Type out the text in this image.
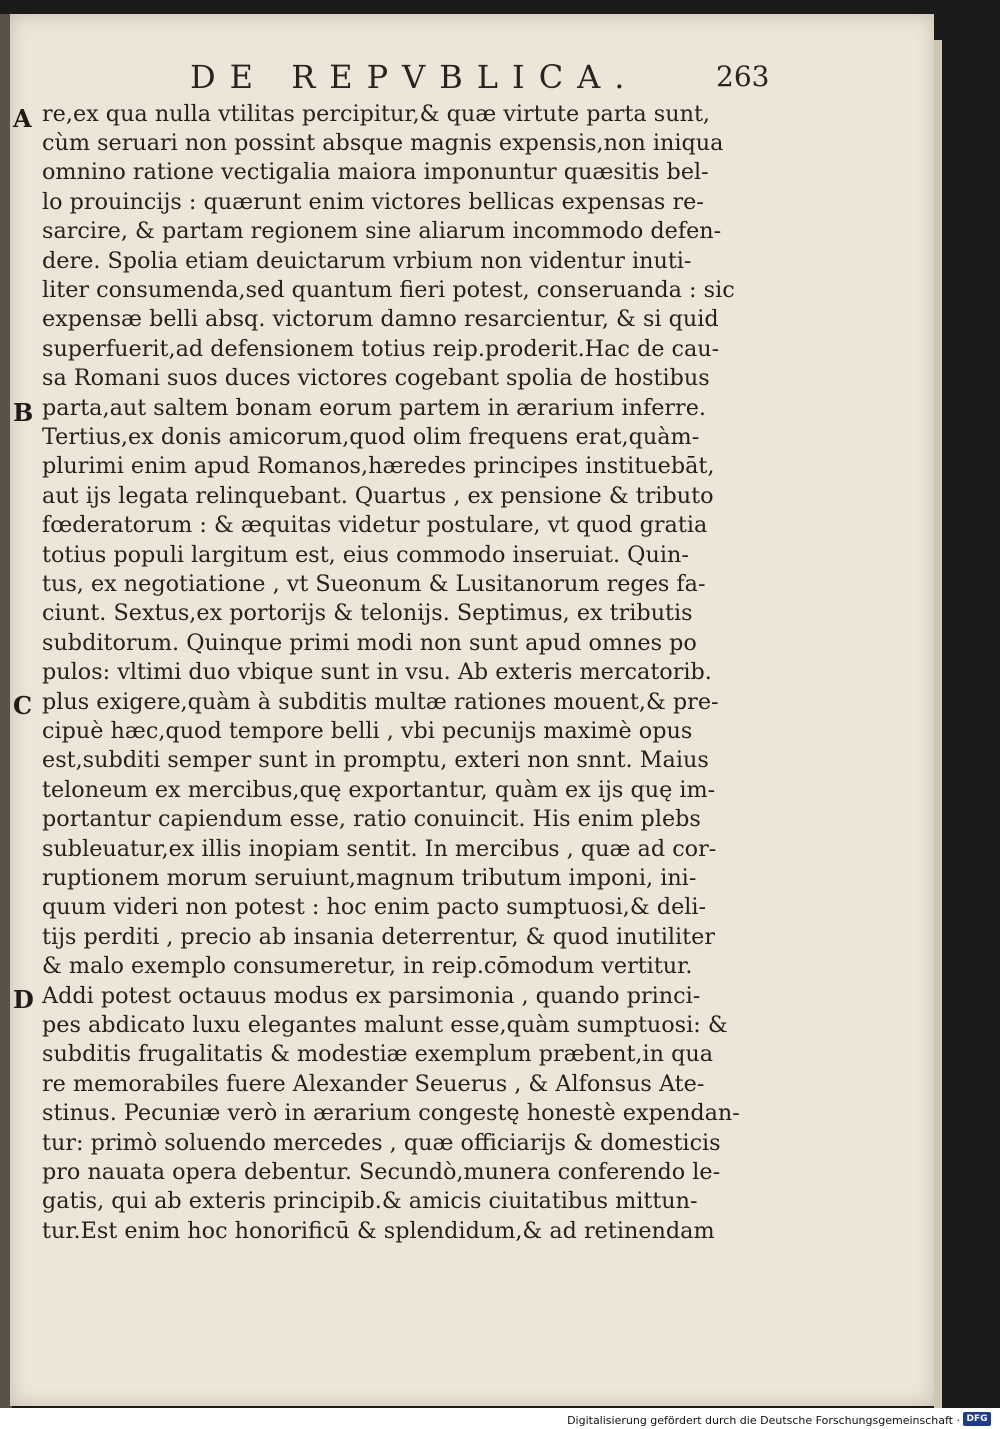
DE REPVBLICA.	263
A
B
C
D
re,ex qua nulla vtilitas percipitur,& quæ virtute parta sunt,
cùm seruari non possint absque magnis expensis,non iniqua
omnino ratione vectigalia maiora imponuntur quæsitis bel-
lo prouincijs : quærunt enim victores bellicas expensas re-
sarcire, & partam regionem sine aliarum incommodo defen-
dere. Spolia etiam deuictarum vrbium non videntur inuti-
liter consumenda,sed quantum fieri potest, conseruanda : sic
expensæ belli absq. victorum damno resarcientur, & si quid
superfuerit,ad defensionem totius reip.proderit.Hac de cau-
sa Romani suos duces victores cogebant spolia de hostibus
parta,aut saltem bonam eorum partem in ærarium inferre.
Tertius,ex donis amicorum,quod olim frequens erat,quàm-
plurimi enim apud Romanos,hæredes principes instituebāt,
aut ijs legata relinquebant. Quartus , ex pensione & tributo
fœderatorum : & æquitas videtur postulare, vt quod gratia
totius populi largitum est, eius commodo inseruiat. Quin-
tus, ex negotiatione , vt Sueonum & Lusitanorum reges fa-
ciunt. Sextus,ex portorijs & telonijs. Septimus, ex tributis
subditorum. Quinque primi modi non sunt apud omnes po
pulos: vltimi duo vbique sunt in vsu. Ab exteris mercatorib.
plus exigere,quàm à subditis multæ rationes mouent,& pre-
cipuè hæc,quod tempore belli , vbi pecunijs maximè opus
est,subditi semper sunt in promptu, exteri non snnt. Maius
teloneum ex mercibus,quę exportantur, quàm ex ijs quę im-
portantur capiendum esse, ratio conuincit. His enim plebs
subleuatur,ex illis inopiam sentit. In mercibus , quæ ad cor-
ruptionem morum seruiunt,magnum tributum imponi, ini-
quum videri non potest : hoc enim pacto sumptuosi,& deli-
tijs perditi , precio ab insania deterrentur, & quod inutiliter
& malo exemplo consumeretur, in reip.cōmodum vertitur.
Addi potest octauus modus ex parsimonia , quando princi-
pes abdicato luxu elegantes malunt esse,quàm sumptuosi: &
subditis frugalitatis & modestiæ exemplum præbent,in qua
re memorabiles fuere Alexander Seuerus , & Alfonsus Ate-
stinus. Pecuniæ verò in ærarium congestę honestè expendan-
tur: primò soluendo mercedes , quæ officiarijs & domesticis
pro nauata opera debentur. Secundò,munera conferendo le-
gatis, qui ab exteris principib.& amicis ciuitatibus mittun-
tur.Est enim hoc honorificū & splendidum,& ad retinendam
Digitalisierung gefördert durch die Deutsche Forschungsgemeinschaft · DFG
